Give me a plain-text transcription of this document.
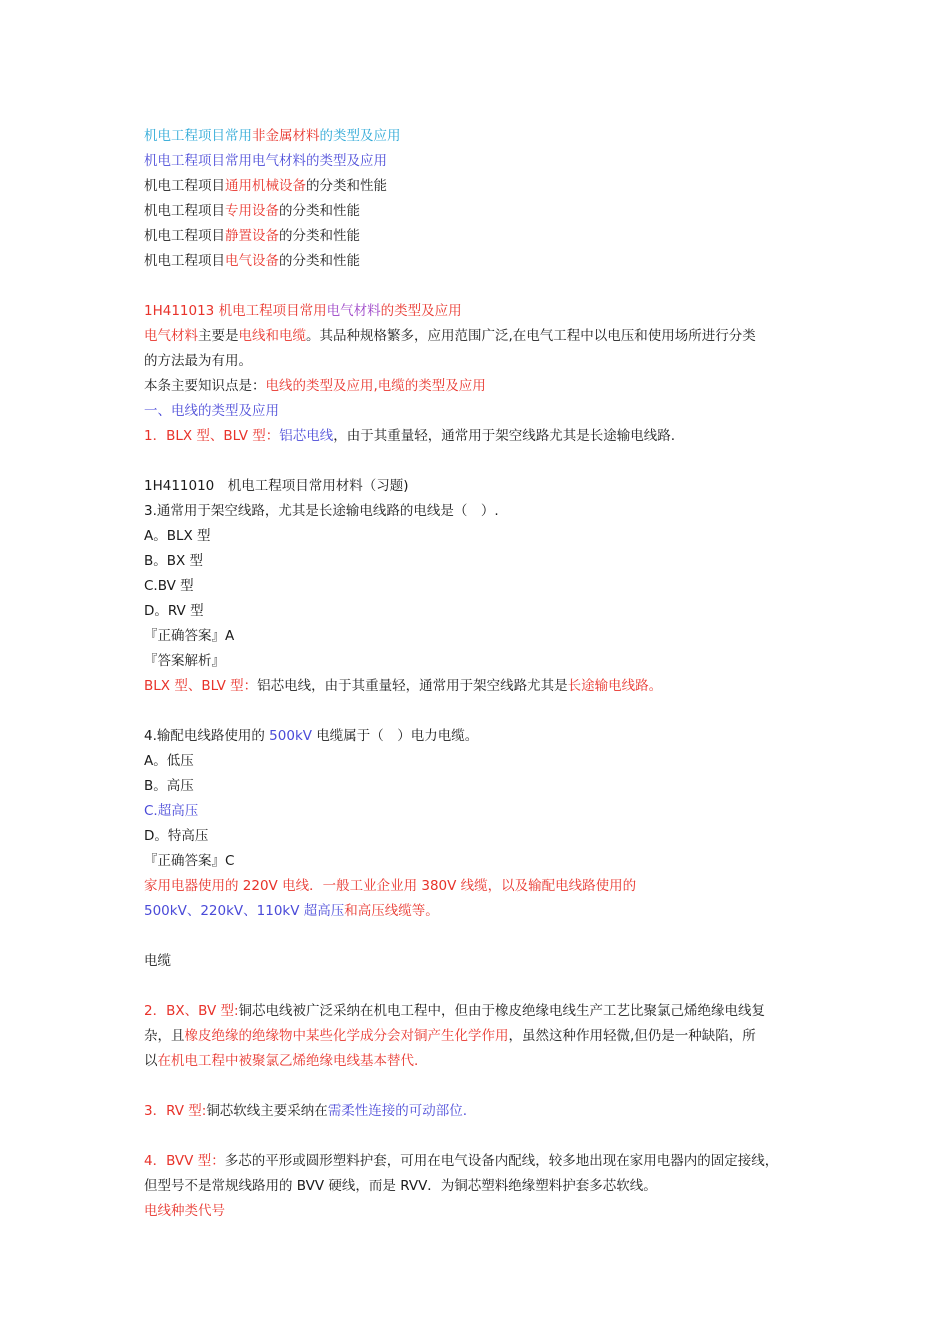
机电工程项目常用非金属材料的类型及应用
机电工程项目常用电气材料的类型及应用
机电工程项目通用机械设备的分类和性能
机电工程项目专用设备的分类和性能
机电工程项目静置设备的分类和性能
机电工程项目电气设备的分类和性能
1H411013 机电工程项目常用电气材料的类型及应用
电气材料主要是电线和电缆。其品种规格繁多，应用范围广泛,在电气工程中以电压和使用场所进行分类
的方法最为有用。
本条主要知识点是：电线的类型及应用,电缆的类型及应用
一、电线的类型及应用
1．BLX 型、BLV 型：铝芯电线，由于其重量轻，通常用于架空线路尤其是长途输电线路.
1H411010　机电工程项目常用材料（习题)
3.通常用于架空线路，尤其是长途输电线路的电线是（　）.
A。BLX 型
B。BX 型
C.BV 型
D。RV 型
『正确答案』A
『答案解析』
BLX 型、BLV 型：铝芯电线，由于其重量轻，通常用于架空线路尤其是长途输电线路。
4.输配电线路使用的 500kV 电缆属于（　）电力电缆。
A。低压
B。高压
C.超高压
D。特高压
『正确答案』C
家用电器使用的 220V 电线．一般工业企业用 380V 线缆，以及输配电线路使用的
500kV、220kV、110kV 超高压和高压线缆等。
电缆
2．BX、BV 型:铜芯电线被广泛采纳在机电工程中，但由于橡皮绝缘电线生产工艺比聚氯己烯绝缘电线复
杂，且橡皮绝缘的绝缘物中某些化学成分会对铜产生化学作用，虽然这种作用轻微,但仍是一种缺陷，所
以在机电工程中被聚氯乙烯绝缘电线基本替代.
3．RV 型:铜芯软线主要采纳在需柔性连接的可动部位.
4．BVV 型：多芯的平形或圆形塑料护套，可用在电气设备内配线，较多地出现在家用电器内的固定接线，
但型号不是常规线路用的 BVV 硬线，而是 RVV．为铜芯塑料绝缘塑料护套多芯软线。
电线种类代号
